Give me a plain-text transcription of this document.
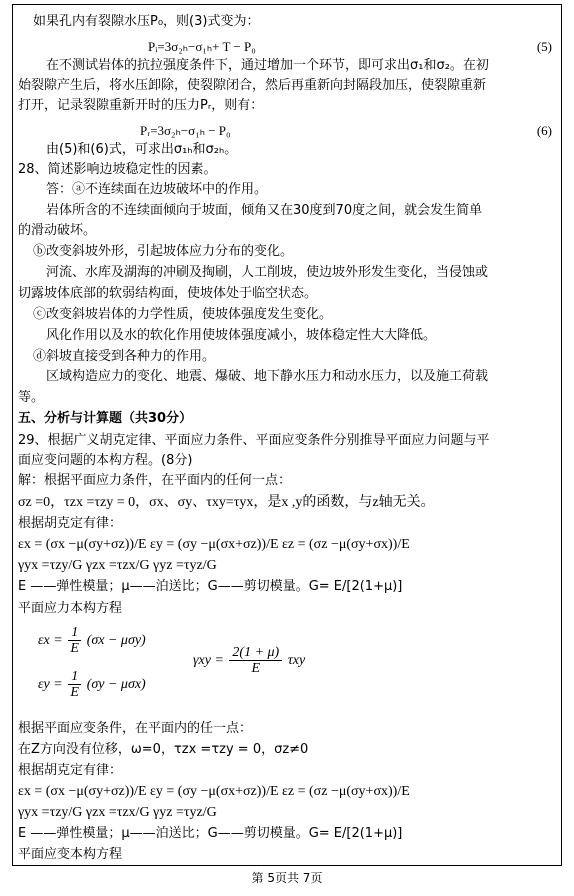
如果孔内有裂隙水压P₀，则(3)式变为：
Pᵢ=3σ₂ₕ−σ₁ₕ+ T − P₀	(5)
在不测试岩体的抗拉强度条件下，通过增加一个环节，即可求出σ₁和σ₂。在初
始裂隙产生后，将水压卸除，使裂隙闭合，然后再重新向封隔段加压，使裂隙重新
打开，记录裂隙重新开时的压力Pᵣ，则有：
Pᵣ=3σ₂ₕ−σ₁ₕ − P₀	(6)
由(5)和(6)式，可求出σ₁ₕ和σ₂ₕ。
28、简述影响边坡稳定性的因素。
答：ⓐ不连续面在边坡破坏中的作用。
岩体所含的不连续面倾向于坡面，倾角又在30度到70度之间，就会发生简单
的滑动破坏。
ⓑ改变斜坡外形，引起坡体应力分布的变化。
河流、水库及湖海的冲刷及掏刷，人工削坡，使边坡外形发生变化，当侵蚀或
切露坡体底部的软弱结构面，使坡体处于临空状态。
ⓒ改变斜坡岩体的力学性质，使坡体强度发生变化。
风化作用以及水的软化作用使坡体强度减小，坡体稳定性大大降低。
ⓓ斜坡直接受到各种力的作用。
区域构造应力的变化、地震、爆破、地下静水压力和动水压力，以及施工荷载
等。
五、分析与计算题（共30分）
29、根据广义胡克定律、平面应力条件、平面应变条件分别推导平面应力问题与平
面应变问题的本构方程。(8分)
解：根据平面应力条件，在平面内的任何一点：
σz =0，τzx =τzy = 0，σx、σy、τxy=τyx，是x ,y的函数，与z轴无关。
根据胡克定有律：
εx = (σx −μ(σy+σz))/E εy = (σy −μ(σx+σz))/E εz = (σz −μ(σy+σx))/E
γyx =τzy/G γzx =τzx/G γyz =τyz/G
E ——弹性模量；μ——泊送比；G——剪切模量。G= E/[2(1+μ)]
平面应力本构方程
$\varepsilon x = \frac{1}{E} (\sigma x - \mu\sigma y)$
$\varepsilon y = \frac{1}{E} (\sigma y - \mu\sigma x)$
$\gamma xy = \frac{2(1 + \mu)}{E}$ τxy
根据平面应变条件，在平面内的任一点：
在Z方向没有位移，ω=0，τzx =τzy = 0，σz≠0
根据胡克定有律：
εx = (σx −μ(σy+σz))/E εy = (σy −μ(σx+σz))/E εz = (σz −μ(σy+σx))/E
γyx =τzy/G γzx =τzx/G γyz =τyz/G
E ——弹性模量；μ——泊送比；G——剪切模量。G= E/[2(1+μ)]
平面应变本构方程
第 5页共 7页
